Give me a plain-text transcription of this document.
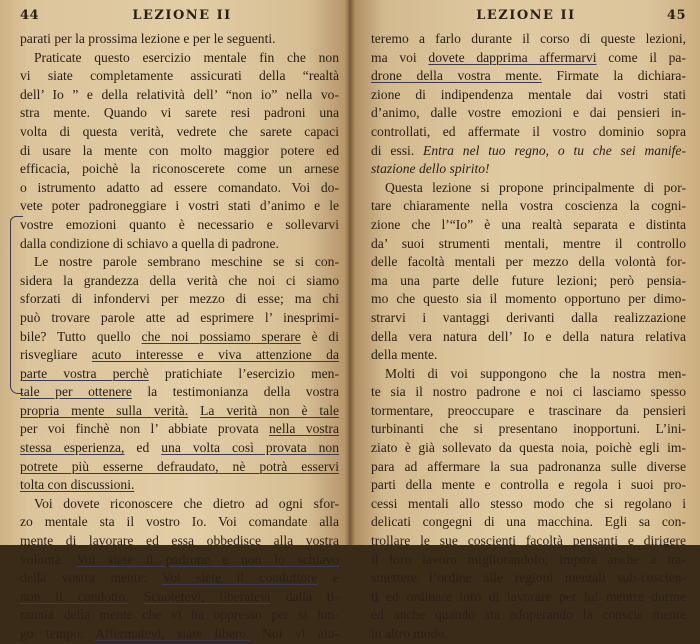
44	LEZIONE II
parati per la prossima lezione e per le seguenti.
Praticate questo esercizio mentale fin che non
vi siate completamente assicurati della “realtà
dell’ Io ” e della relatività dell’ “non io” nella vo-
stra mente. Quando vi sarete resi padroni una
volta di questa verità, vedrete che sarete capaci
di usare la mente con molto maggior potere ed
efficacia, poichè la riconoscerete come un arnese
o istrumento adatto ad essere comandato. Voi do-
vete poter padroneggiare i vostri stati d’animo e le
vostre emozioni quanto è necessario e sollevarvi
dalla condizione di schiavo a quella di padrone.
Le nostre parole sembrano meschine se si con-
sidera la grandezza della verità che noi ci siamo
sforzati di infondervi per mezzo di esse; ma chi
può trovare parole atte ad esprimere l’ inesprimi-
bile? Tutto quello che noi possiamo sperare è di
risvegliare acuto interesse e viva attenzione da
parte vostra perchè pratichiate l’esercizio men-
tale per ottenere la testimonianza della vostra
propria mente sulla verità. La verità non è tale
per voi finchè non l’ abbiate provata nella vostra
stessa esperienza, ed una volta così provata non
potrete più esserne defraudato, nè potrà esservi
tolta con discussioni.
Voi dovete riconoscere che dietro ad ogni sfor-
zo mentale sta il vostro Io. Voi comandate alla
mente di lavorare ed essa obbedisce alla vostra
volontà. Voi siete il padrone e non lo schiavo
della vostra mente. Voi siete il conduttore e
non il condotto. Scuotetevi, liberatevi dalla ti-
rannia della mente che vi ha oppresso per sì lun-
go tempo. Affermatevi, siate libero. Noi vi aiu-
LEZIONE II	45
teremo a farlo durante il corso di queste lezioni,
ma voi dovete dapprima affermarvi come il pa-
drone della vostra mente. Firmate la dichiara-
zione di indipendenza mentale dai vostri stati
d’animo, dalle vostre emozioni e dai pensieri in-
controllati, ed affermate il vostro dominio sopra
di essi. Entra nel tuo regno, o tu che sei manife-
stazione dello spirito!
Questa lezione si propone principalmente di por-
tare chiaramente nella vostra coscienza la cogni-
zione che l’“Io” è una realtà separata e distinta
da’ suoi strumenti mentali, mentre il controllo
delle facoltà mentali per mezzo della volontà for-
ma una parte delle future lezioni; però pensia-
mo che questo sia il momento opportuno per dimo-
strarvi i vantaggi derivanti dalla realizzazione
della vera natura dell’ Io e della natura relativa
della mente.
Molti di voi suppongono che la nostra men-
te sia il nostro padrone e noi ci lasciamo spesso
tormentare, preoccupare e trascinare da pensieri
turbinanti che si presentano inopportuni. L’ini-
ziato è già sollevato da questa noia, poichè egli im-
para ad affermare la sua padronanza sulle diverse
parti della mente e controlla e regola i suoi pro-
cessi mentali allo stesso modo che si regolano i
delicati congegni di una macchina. Egli sa con-
trollare le sue coscienti facoltà pensanti e dirigere
il loro lavoro migliorandolo; impara anche a tra-
smettere l’ordine alle regioni mentali sub-coscien-
ti ed ordinare loro di lavorare per lui mentre dorme
ed anche quando sta adoperando la conscia mente
in altro modo.
